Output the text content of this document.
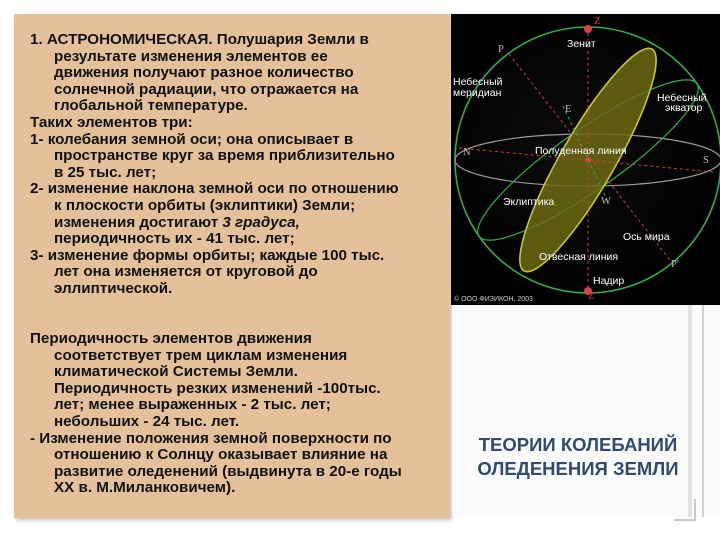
1. АСТРОНОМИЧЕСКАЯ. Полушария Земли в
результате изменения элементов ее
движения получают разное количество
солнечной радиации, что отражается на
глобальной температуре.
Таких элементов три:
1- колебания земной оси; она описывает в
пространстве круг за время приблизительно
в 25 тыс. лет;
2- изменение наклона земной оси по отношению
к плоскости орбиты (эклиптики) Земли;
изменения достигают 3 градуса,
периодичность их - 41 тыс. лет;
3- изменение формы орбиты; каждые 100 тыс.
лет она изменяется от круговой до
эллиптической.

Периодичность элементов движения
соответствует трем циклам изменения
климатической Системы Земли.
Периодичность резких изменений -100тыс.
лет; менее выраженных - 2 тыс. лет;
небольших - 24 тыс. лет.
- Изменение положения земной поверхности по
отношению к Солнцу оказывает влияние на
развитие оледенений (выдвинута в 20-е годы
XX в. М.Миланковичем).

Z
Зенит
P
Небесный
меридиан	Небесный
экватор
E
N	Полуденная линия
S
Эклиптика	W
Ось мира
Отвесная линия
P'
Надир
Z'
© ООО ФИЗИКОН, 2003
ТЕОРИИ КОЛЕБАНИЙ
ОЛЕДЕНЕНИЯ ЗЕМЛИ
